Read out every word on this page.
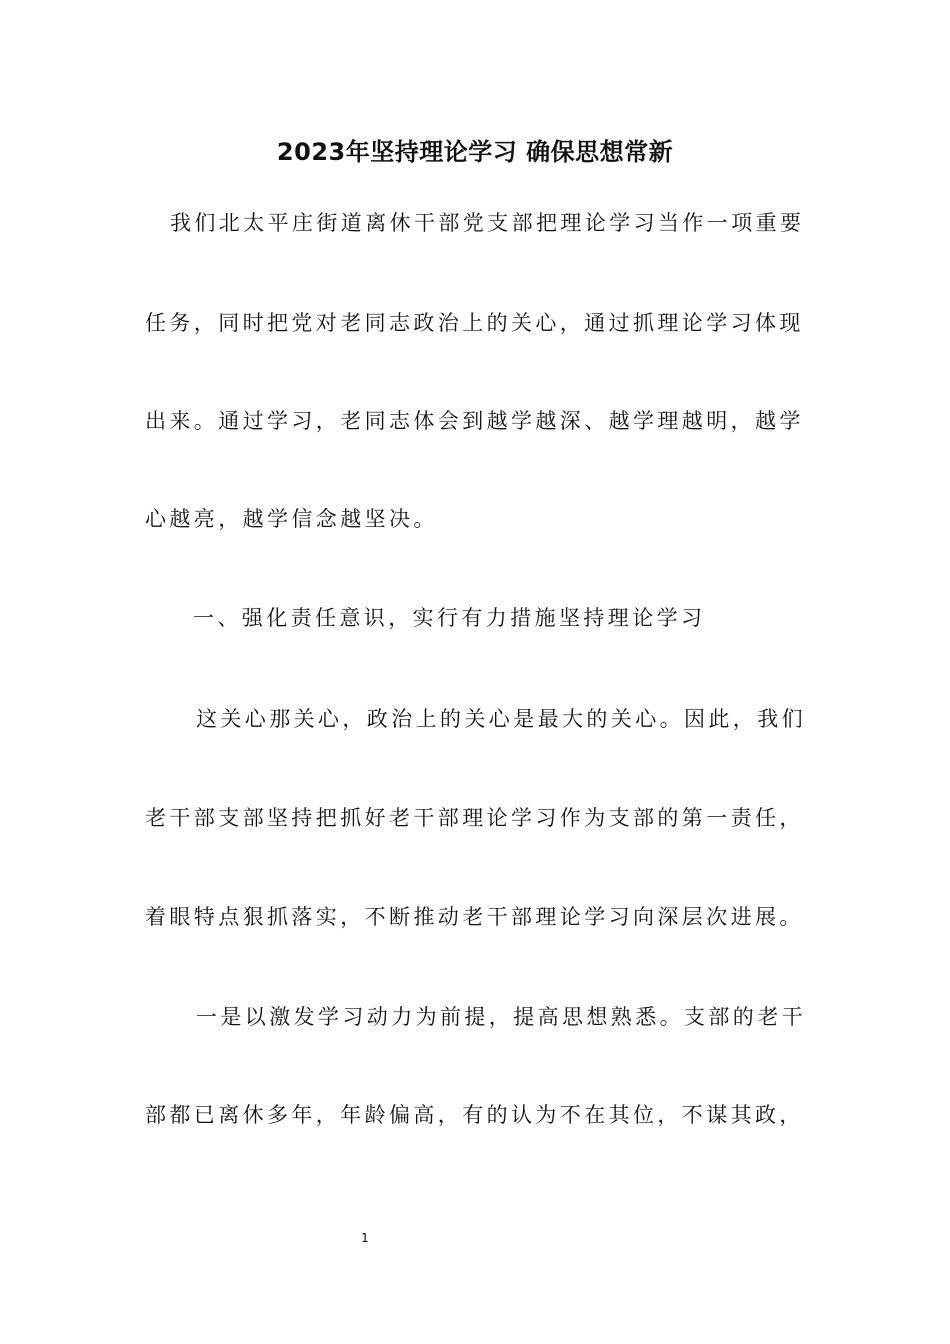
2023年坚持理论学习 确保思想常新
我们北太平庄街道离休干部党支部把理论学习当作一项重要
任务，同时把党对老同志政治上的关心，通过抓理论学习体现
出来。通过学习，老同志体会到越学越深、越学理越明，越学
心越亮，越学信念越坚决。
一、强化责任意识，实行有力措施坚持理论学习
这关心那关心，政治上的关心是最大的关心。因此，我们
老干部支部坚持把抓好老干部理论学习作为支部的第一责任，
着眼特点狠抓落实，不断推动老干部理论学习向深层次进展。
一是以激发学习动力为前提，提高思想熟悉。支部的老干
部都已离休多年，年龄偏高，有的认为不在其位，不谋其政，
1
